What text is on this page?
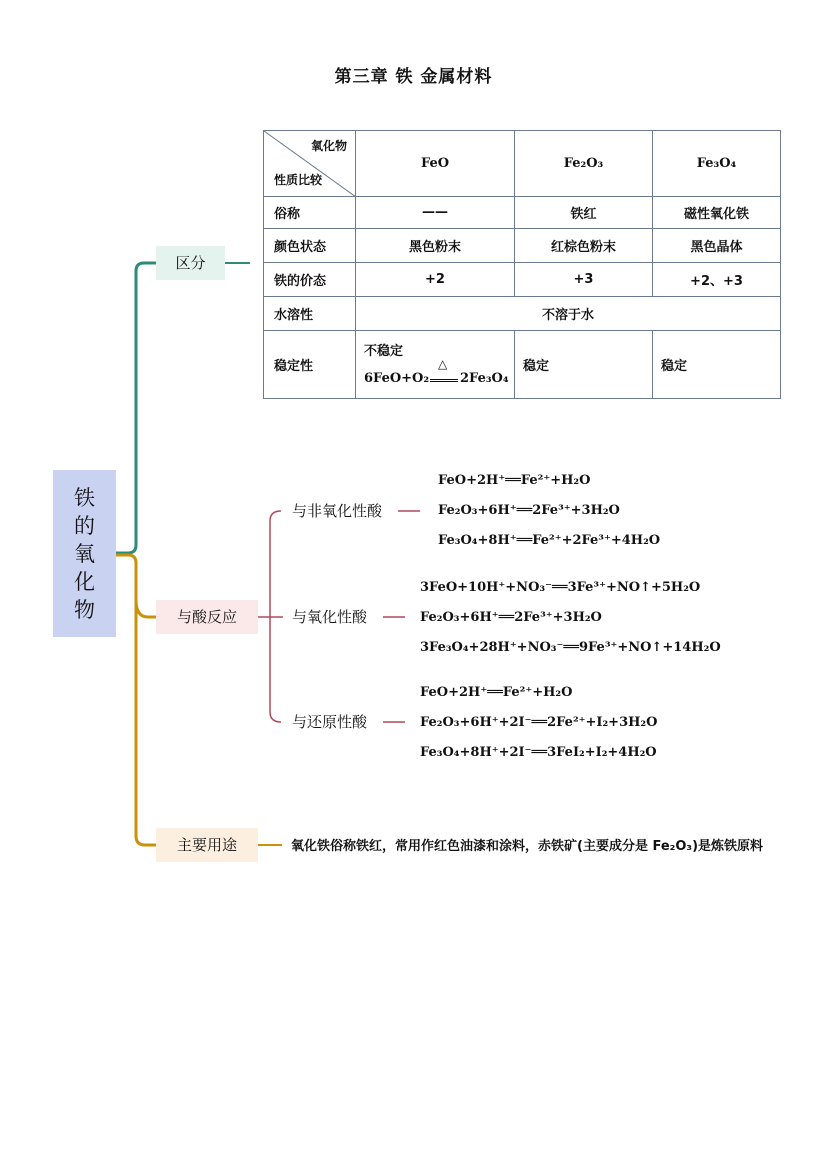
第三章 铁 金属材料
铁
的
氧
化
物
区分
与酸反应
主要用途
氧化物
性质比较	FeO	Fe₂O₃	Fe₃O₄
俗称	——	铁红	磁性氧化铁
颜色状态	黑色粉末	红棕色粉末	黑色晶体
铁的价态	+2	+3	+2、+3
水溶性	不溶于水		
稳定性	不稳定
6FeO+O₂
△
2Fe₃O₄	稳定	稳定
与非氧化性酸
与氧化性酸
与还原性酸
FeO+2H⁺══Fe²⁺+H₂O
Fe₂O₃+6H⁺══2Fe³⁺+3H₂O
Fe₃O₄+8H⁺══Fe²⁺+2Fe³⁺+4H₂O
3FeO+10H⁺+NO₃⁻══3Fe³⁺+NO↑+5H₂O
Fe₂O₃+6H⁺══2Fe³⁺+3H₂O
3Fe₃O₄+28H⁺+NO₃⁻══9Fe³⁺+NO↑+14H₂O
FeO+2H⁺══Fe²⁺+H₂O
Fe₂O₃+6H⁺+2I⁻══2Fe²⁺+I₂+3H₂O
Fe₃O₄+8H⁺+2I⁻══3FeI₂+I₂+4H₂O
氧化铁俗称铁红，常用作红色油漆和涂料，赤铁矿(主要成分是 Fe₂O₃)是炼铁原料
